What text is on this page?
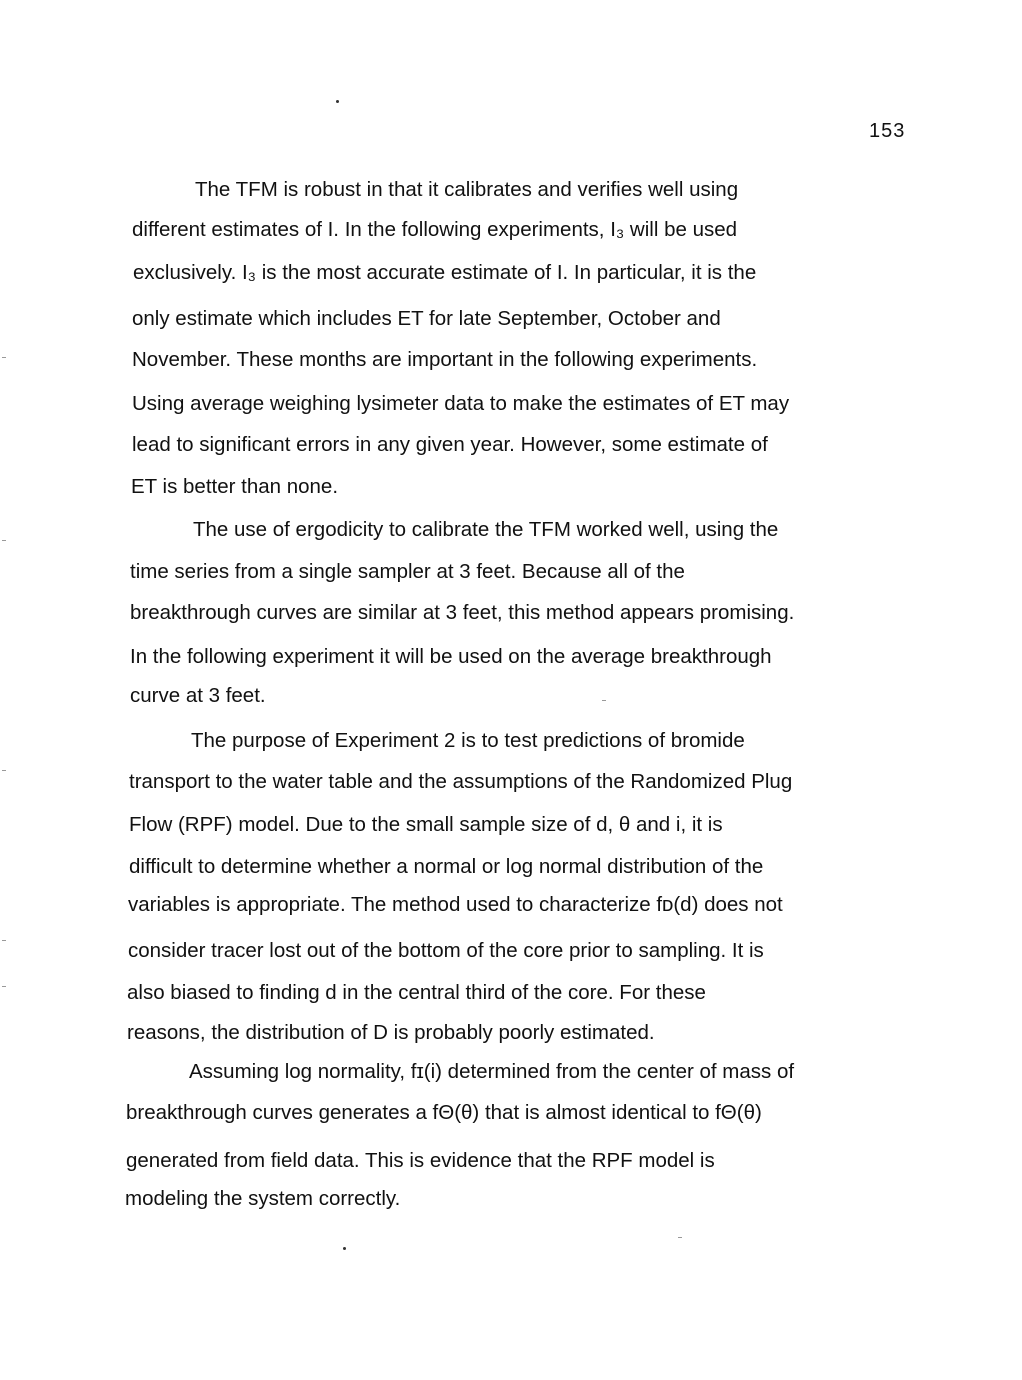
153
The TFM is robust in that it calibrates and verifies well using
different estimates of I. In the following experiments, I₃ will be used
exclusively. I₃ is the most accurate estimate of I. In particular, it is the
only estimate which includes ET for late September, October and
November. These months are important in the following experiments.
Using average weighing lysimeter data to make the estimates of ET may
lead to significant errors in any given year. However, some estimate of
ET is better than none.
The use of ergodicity to calibrate the TFM worked well, using the
time series from a single sampler at 3 feet. Because all of the
breakthrough curves are similar at 3 feet, this method appears promising.
In the following experiment it will be used on the average breakthrough
curve at 3 feet.
The purpose of Experiment 2 is to test predictions of bromide
transport to the water table and the assumptions of the Randomized Plug
Flow (RPF) model. Due to the small sample size of d, θ and i, it is
difficult to determine whether a normal or log normal distribution of the
variables is appropriate. The method used to characterize fᴅ(d) does not
consider tracer lost out of the bottom of the core prior to sampling. It is
also biased to finding d in the central third of the core. For these
reasons, the distribution of D is probably poorly estimated.
Assuming log normality, fɪ(i) determined from the center of mass of
breakthrough curves generates a fΘ(θ) that is almost identical to fΘ(θ)
generated from field data. This is evidence that the RPF model is
modeling the system correctly.
